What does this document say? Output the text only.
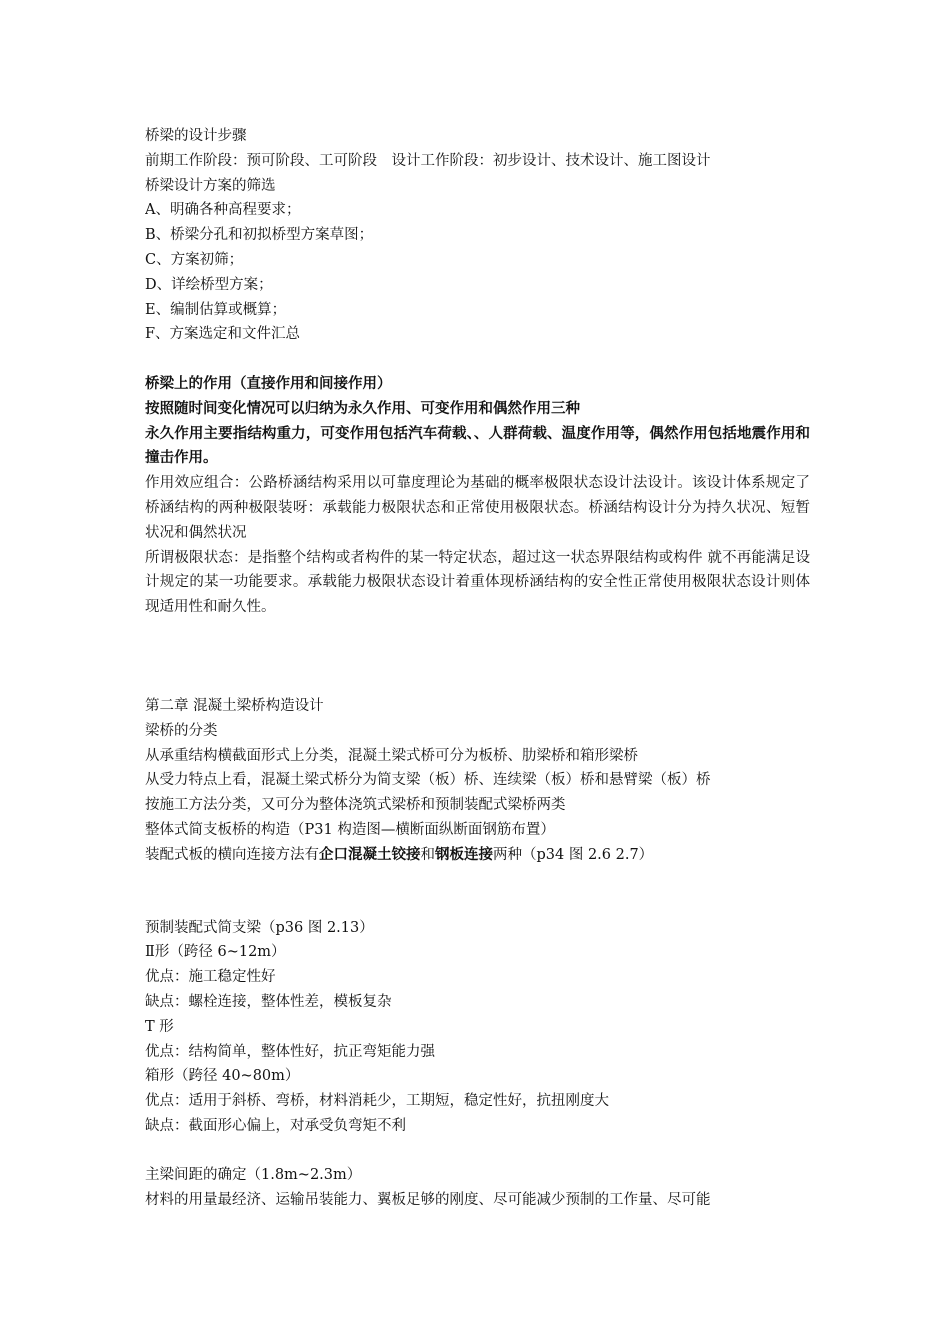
桥梁的设计步骤
前期工作阶段：预可阶段、工可阶段　设计工作阶段：初步设计、技术设计、施工图设计
桥梁设计方案的筛选
A、明确各种高程要求；
B、桥梁分孔和初拟桥型方案草图；
C、方案初筛；
D、详绘桥型方案；
E、编制估算或概算；
F、方案选定和文件汇总
桥梁上的作用（直接作用和间接作用）
按照随时间变化情况可以归纳为永久作用、可变作用和偶然作用三种
永久作用主要指结构重力，可变作用包括汽车荷载、、人群荷载、温度作用等，偶然作用包括地震作用和撞击作用。
作用效应组合：公路桥涵结构采用以可靠度理论为基础的概率极限状态设计法设计。该设计体系规定了桥涵结构的两种极限装呀：承载能力极限状态和正常使用极限状态。桥涵结构设计分为持久状况、短暂状况和偶然状况
所谓极限状态：是指整个结构或者构件的某一特定状态，超过这一状态界限结构或构件 就不再能满足设计规定的某一功能要求。承载能力极限状态设计着重体现桥涵结构的安全性正常使用极限状态设计则体现适用性和耐久性。
第二章 混凝土梁桥构造设计
梁桥的分类
从承重结构横截面形式上分类，混凝土梁式桥可分为板桥、肋梁桥和箱形梁桥
从受力特点上看，混凝土梁式桥分为简支梁（板）桥、连续梁（板）桥和悬臂梁（板）桥
按施工方法分类，又可分为整体浇筑式梁桥和预制装配式梁桥两类
整体式简支板桥的构造（P31 构造图—横断面纵断面钢筋布置）
装配式板的横向连接方法有企口混凝土铰接和钢板连接两种（p34 图 2.6 2.7）
预制装配式简支梁（p36 图 2.13）
Ⅱ形（跨径 6~12m）
优点：施工稳定性好
缺点：螺栓连接，整体性差，模板复杂
T 形
优点：结构简单，整体性好，抗正弯矩能力强
箱形（跨径 40~80m）
优点：适用于斜桥、弯桥，材料消耗少，工期短，稳定性好，抗扭刚度大
缺点：截面形心偏上，对承受负弯矩不利
主梁间距的确定（1.8m~2.3m）
材料的用量最经济、运输吊装能力、翼板足够的刚度、尽可能减少预制的工作量、尽可能
